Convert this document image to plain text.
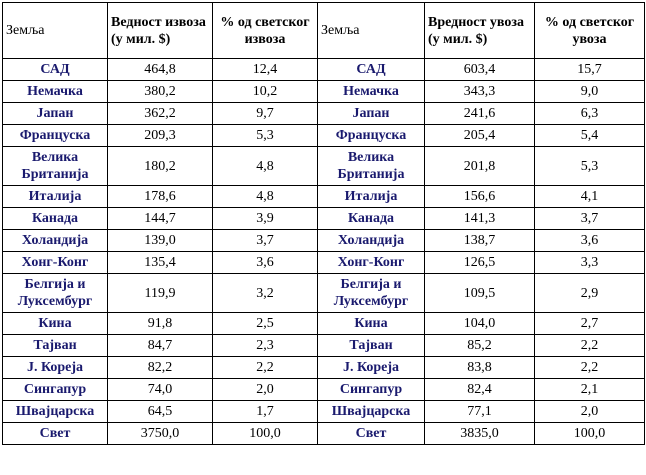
Земља	Ведност извоза (у мил. $)	% од светског извоза	Земља	Вредност увоза (у мил. $)	% од светског увоза
САД	464,8	12,4	САД	603,4	15,7
Немачка	380,2	10,2	Немачка	343,3	9,0
Јапан	362,2	9,7	Јапан	241,6	6,3
Француска	209,3	5,3	Француска	205,4	5,4
Велика Британија	180,2	4,8	Велика Британија	201,8	5,3
Италија	178,6	4,8	Италија	156,6	4,1
Канада	144,7	3,9	Канада	141,3	3,7
Холандија	139,0	3,7	Холандија	138,7	3,6
Хонг-Конг	135,4	3,6	Хонг-Конг	126,5	3,3
Белгија и Луксембург	119,9	3,2	Белгија и Луксембург	109,5	2,9
Кина	91,8	2,5	Кина	104,0	2,7
Тајван	84,7	2,3	Тајван	85,2	2,2
Ј. Кореја	82,2	2,2	Ј. Кореја	83,8	2,2
Сингапур	74,0	2,0	Сингапур	82,4	2,1
Швајцарска	64,5	1,7	Швајцарска	77,1	2,0
Свет	3750,0	100,0	Свет	3835,0	100,0
